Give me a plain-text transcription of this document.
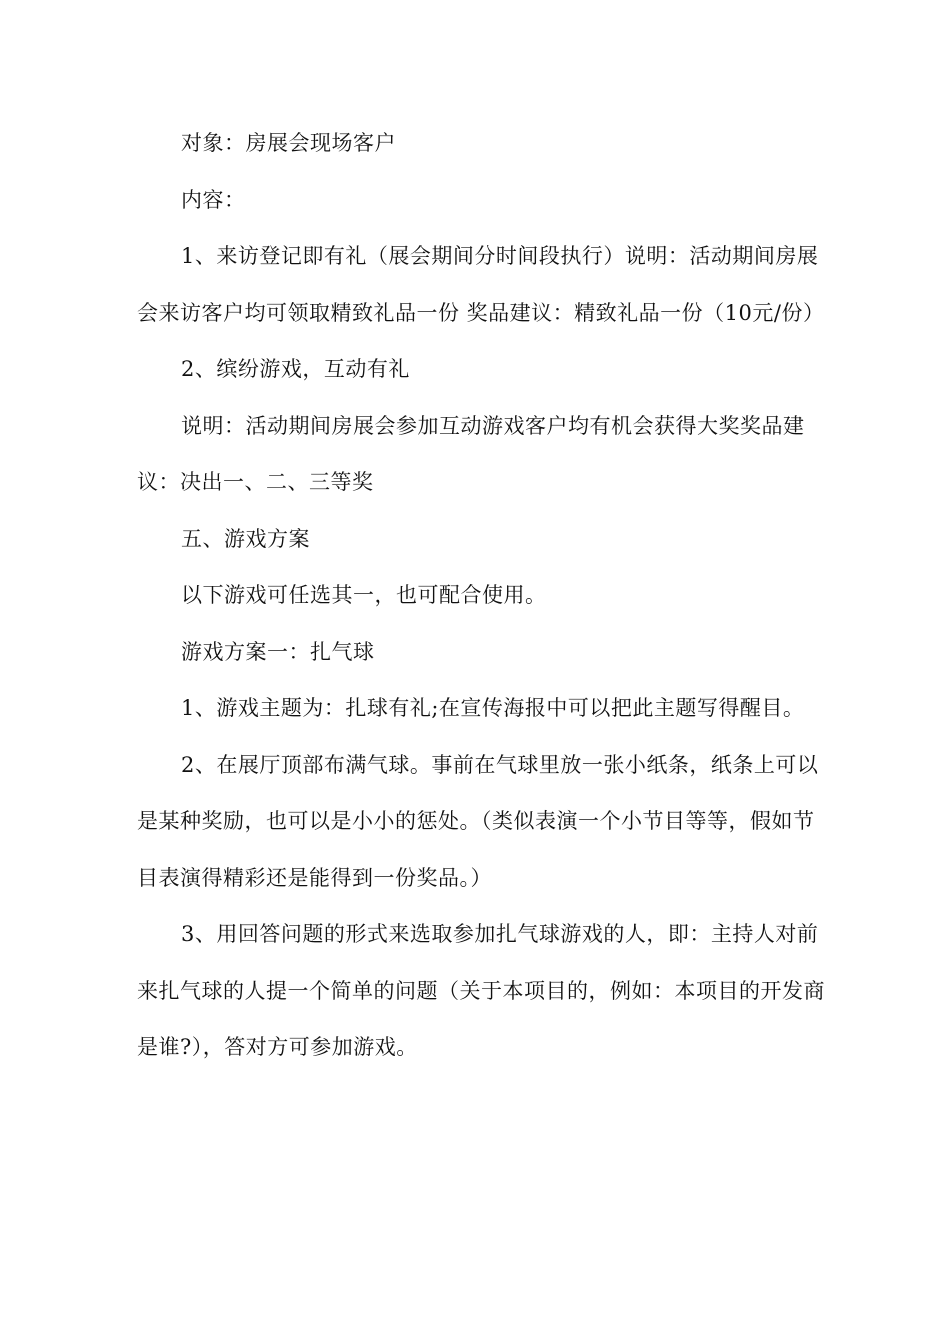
对象：房展会现场客户

内容：

1、来访登记即有礼（展会期间分时间段执行）说明：活动期间房展会来访客户均可领取精致礼品一份 奖品建议：精致礼品一份（10元/份）

2、缤纷游戏，互动有礼

说明：活动期间房展会参加互动游戏客户均有机会获得大奖奖品建议：决出一、二、三等奖

五、游戏方案

以下游戏可任选其一，也可配合使用。

游戏方案一：扎气球

1、游戏主题为：扎球有礼;在宣传海报中可以把此主题写得醒目。

2、在展厅顶部布满气球。事前在气球里放一张小纸条，纸条上可以是某种奖励，也可以是小小的惩处。（类似表演一个小节目等等，假如节目表演得精彩还是能得到一份奖品。）

3、用回答问题的形式来选取参加扎气球游戏的人，即：主持人对前来扎气球的人提一个简单的问题（关于本项目的，例如：本项目的开发商是谁?），答对方可参加游戏。
